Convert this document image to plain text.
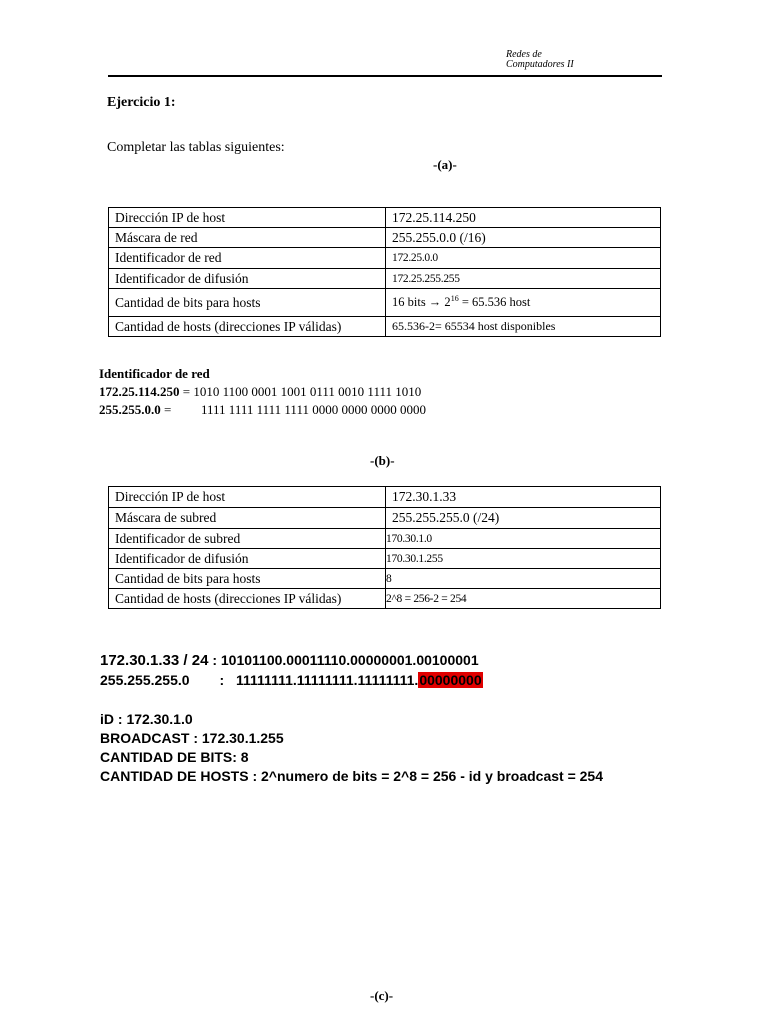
Redes de
Computadores II
Ejercicio 1:
Completar las tablas siguientes:
-(a)-
Dirección IP de host	172.25.114.250
Máscara de red	255.255.0.0 (/16)
Identificador de red	172.25.0.0
Identificador de difusión	172.25.255.255
Cantidad de bits para hosts	16 bits → $2^{16} = 65.536$ host
Cantidad de hosts (direcciones IP válidas)	65.536-2= 65534 host disponibles
Identificador de red
172.25.114.250 = 1010 1100 0001 1001 0111 0010 1111 1010
255.255.0.0 = 1111 1111 1111 1111 0000 0000 0000 0000
-(b)-
Dirección IP de host	172.30.1.33
Máscara de subred	255.255.255.0 (/24)
Identificador de subred	170.30.1.0
Identificador de difusión	170.30.1.255
Cantidad de bits para hosts	8
Cantidad de hosts (direcciones IP válidas)	2^8 = 256-2 = 254
172.30.1.33 / 24 : 10101100.00011110.00000001.00100001
255.255.255.0 : 11111111.11111111.11111111.00000000
iD : 172.30.1.0
BROADCAST : 172.30.1.255
CANTIDAD DE BITS: 8
CANTIDAD DE HOSTS : 2^numero de bits = 2^8 = 256 - id y broadcast = 254
-(c)-
